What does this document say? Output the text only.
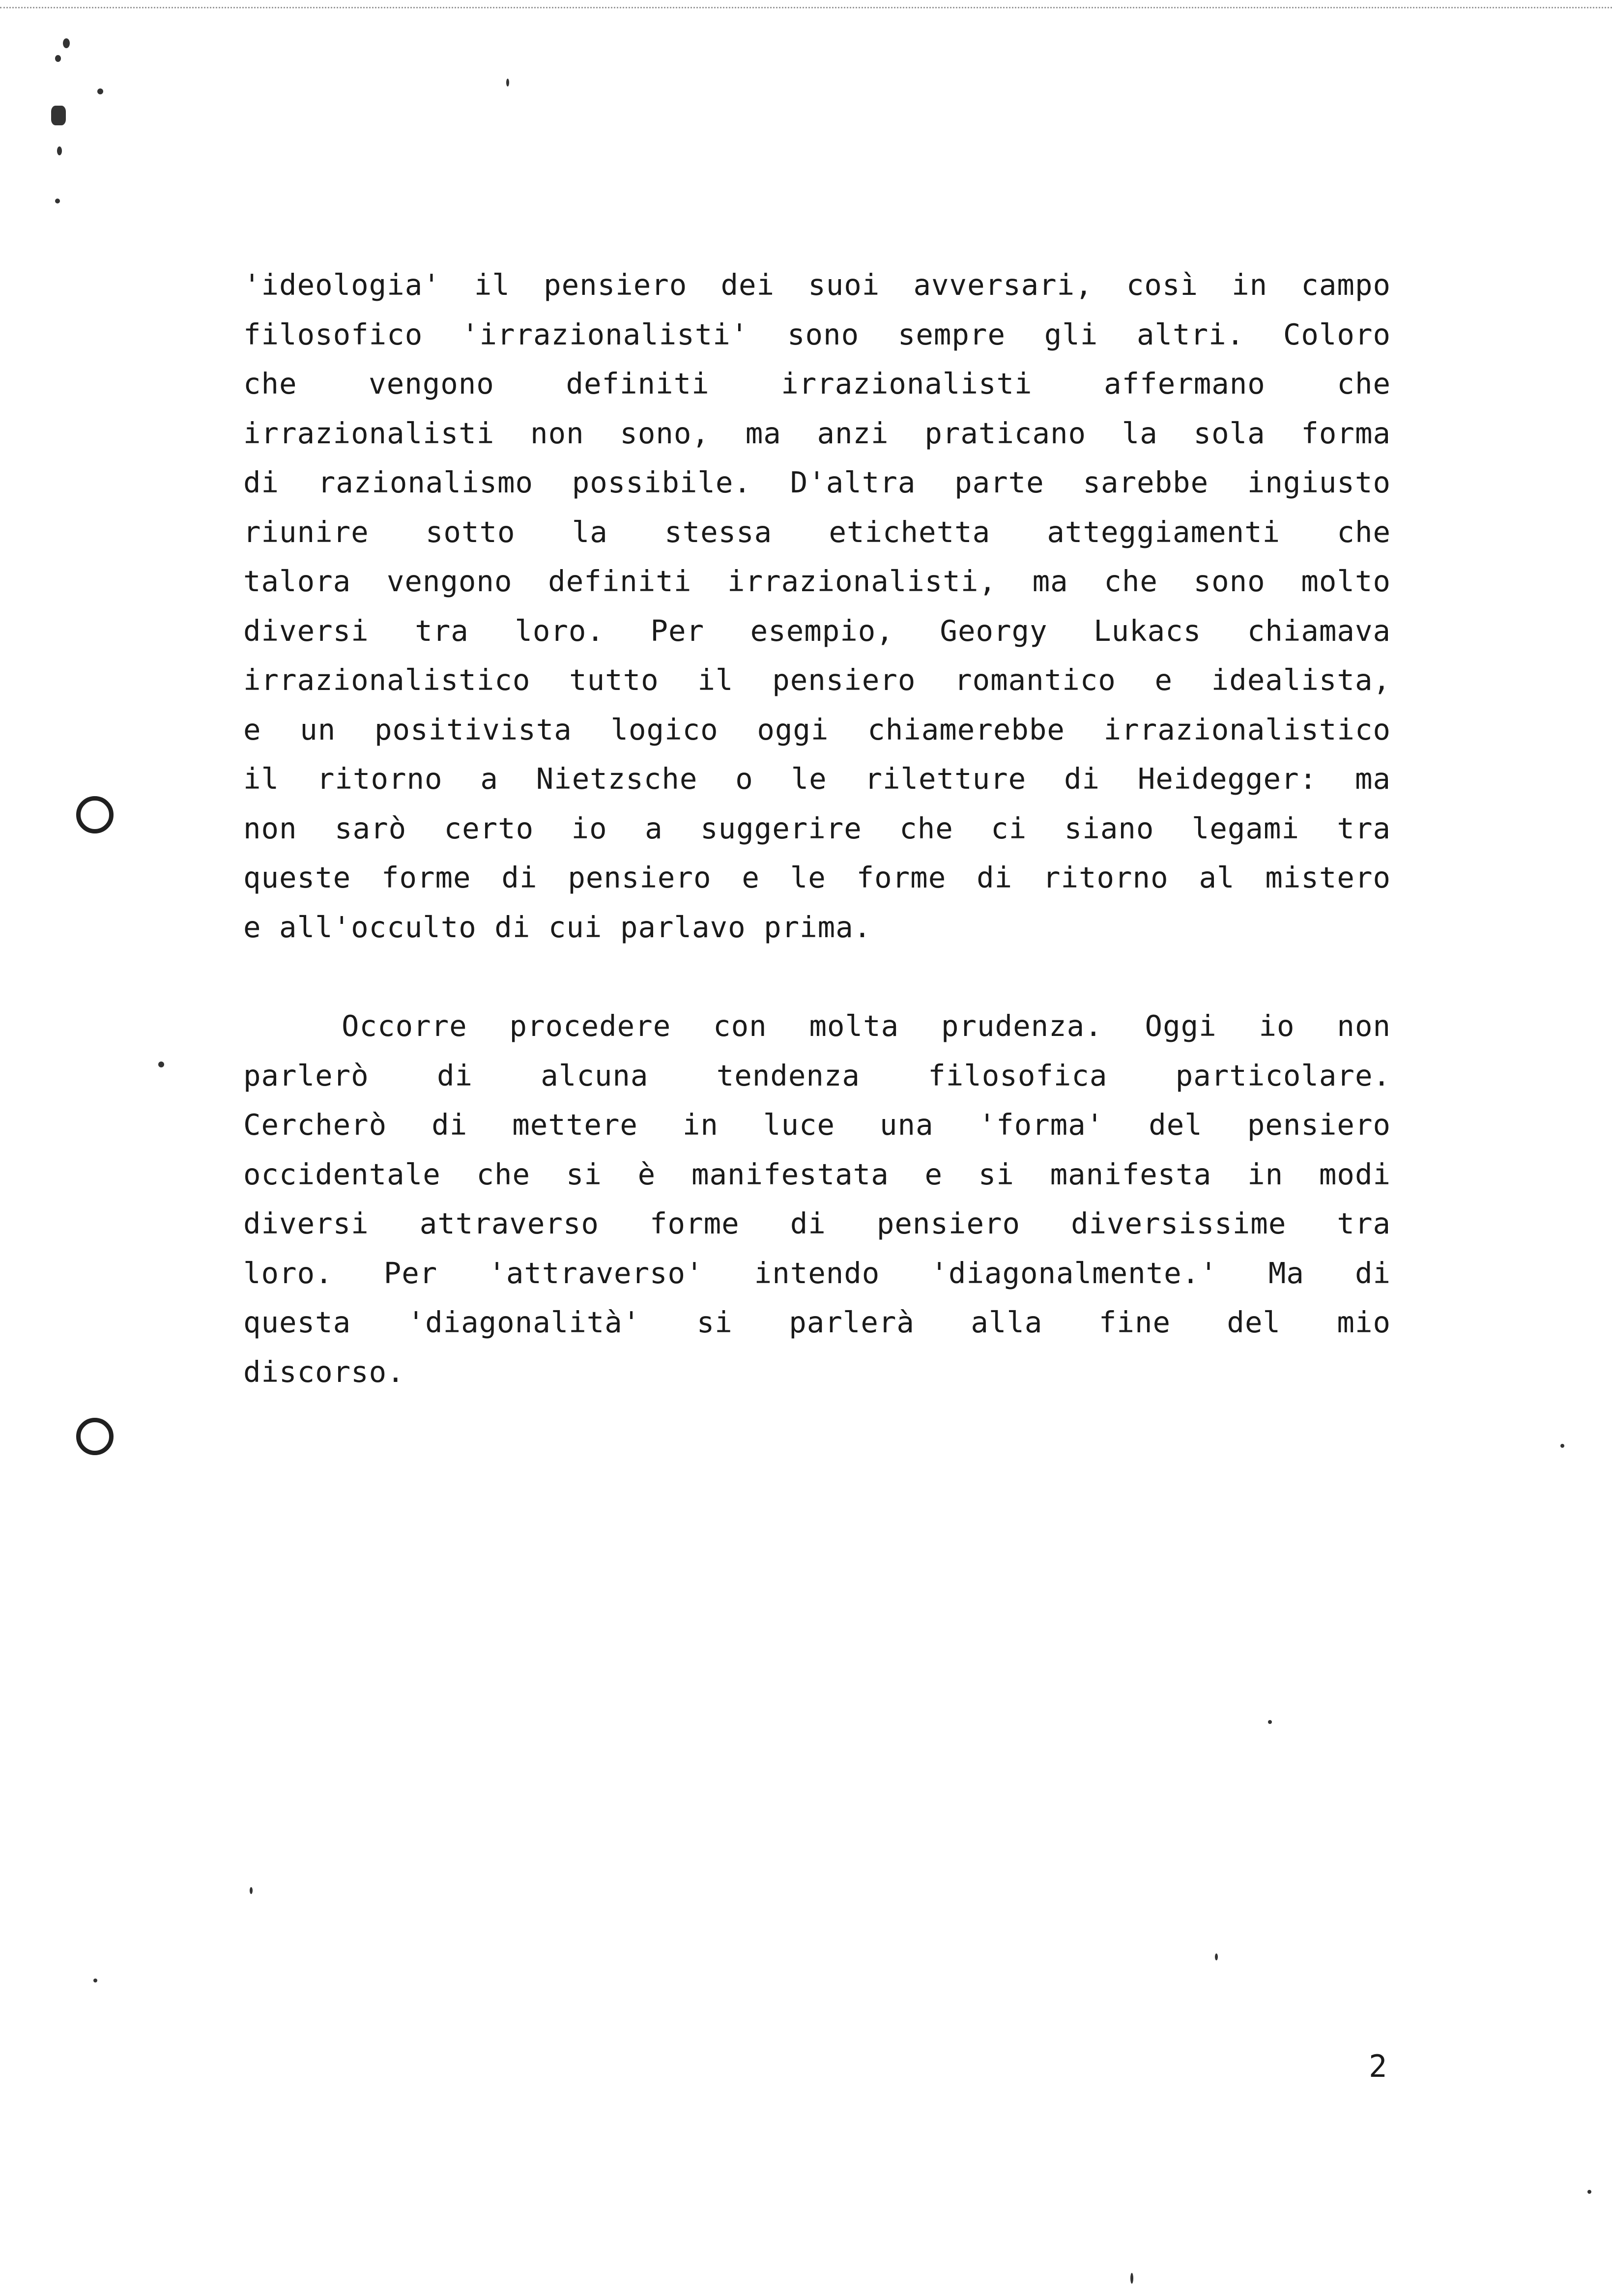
'ideologia' il pensiero dei suoi avversari, così in campo
filosofico 'irrazionalisti' sono sempre gli altri. Coloro
che vengono definiti irrazionalisti affermano che
irrazionalisti non sono, ma anzi praticano la sola forma
di razionalismo possibile. D'altra parte sarebbe ingiusto
riunire sotto la stessa etichetta atteggiamenti che
talora vengono definiti irrazionalisti, ma che sono molto
diversi tra loro. Per esempio, Georgy Lukacs chiamava
irrazionalistico tutto il pensiero romantico e idealista,
e un positivista logico oggi chiamerebbe irrazionalistico
il ritorno a Nietzsche o le riletture di Heidegger: ma
non sarò certo io a suggerire che ci siano legami tra
queste forme di pensiero e le forme di ritorno al mistero
e all'occulto di cui parlavo prima.
Occorre procedere con molta prudenza. Oggi io non
parlerò di alcuna tendenza filosofica particolare.
Cercherò di mettere in luce una 'forma' del pensiero
occidentale che si è manifestata e si manifesta in modi
diversi attraverso forme di pensiero diversissime tra
loro. Per 'attraverso' intendo 'diagonalmente.' Ma di
questa 'diagonalità' si parlerà alla fine del mio
discorso.
2
